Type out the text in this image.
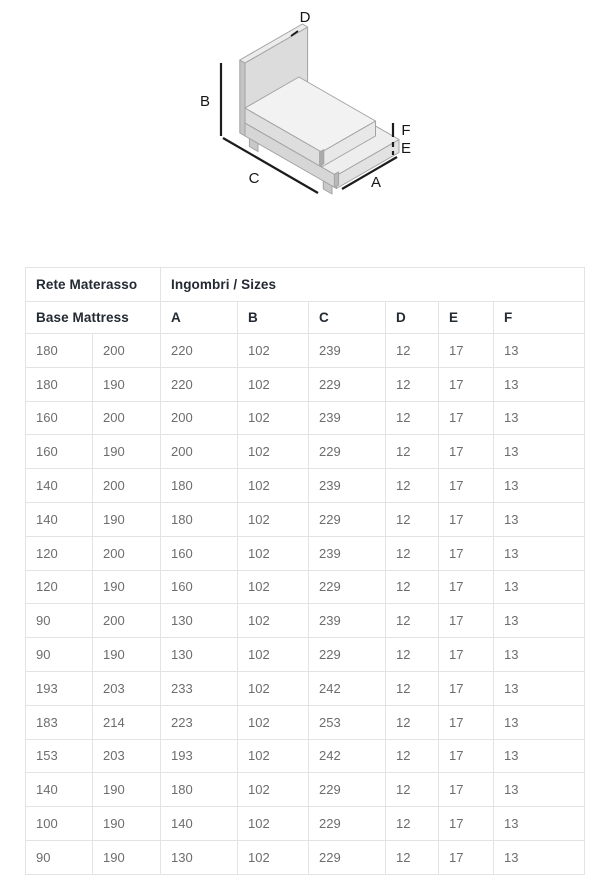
B
C	A
D
F
E
Rete Materasso		Ingombri / Sizes					
Base Mattress		A	B	C	D	E	F
180	200	220	102	239	12	17	13
180	190	220	102	229	12	17	13
160	200	200	102	239	12	17	13
160	190	200	102	229	12	17	13
140	200	180	102	239	12	17	13
140	190	180	102	229	12	17	13
120	200	160	102	239	12	17	13
120	190	160	102	229	12	17	13
90	200	130	102	239	12	17	13
90	190	130	102	229	12	17	13
193	203	233	102	242	12	17	13
183	214	223	102	253	12	17	13
153	203	193	102	242	12	17	13
140	190	180	102	229	12	17	13
100	190	140	102	229	12	17	13
90	190	130	102	229	12	17	13
